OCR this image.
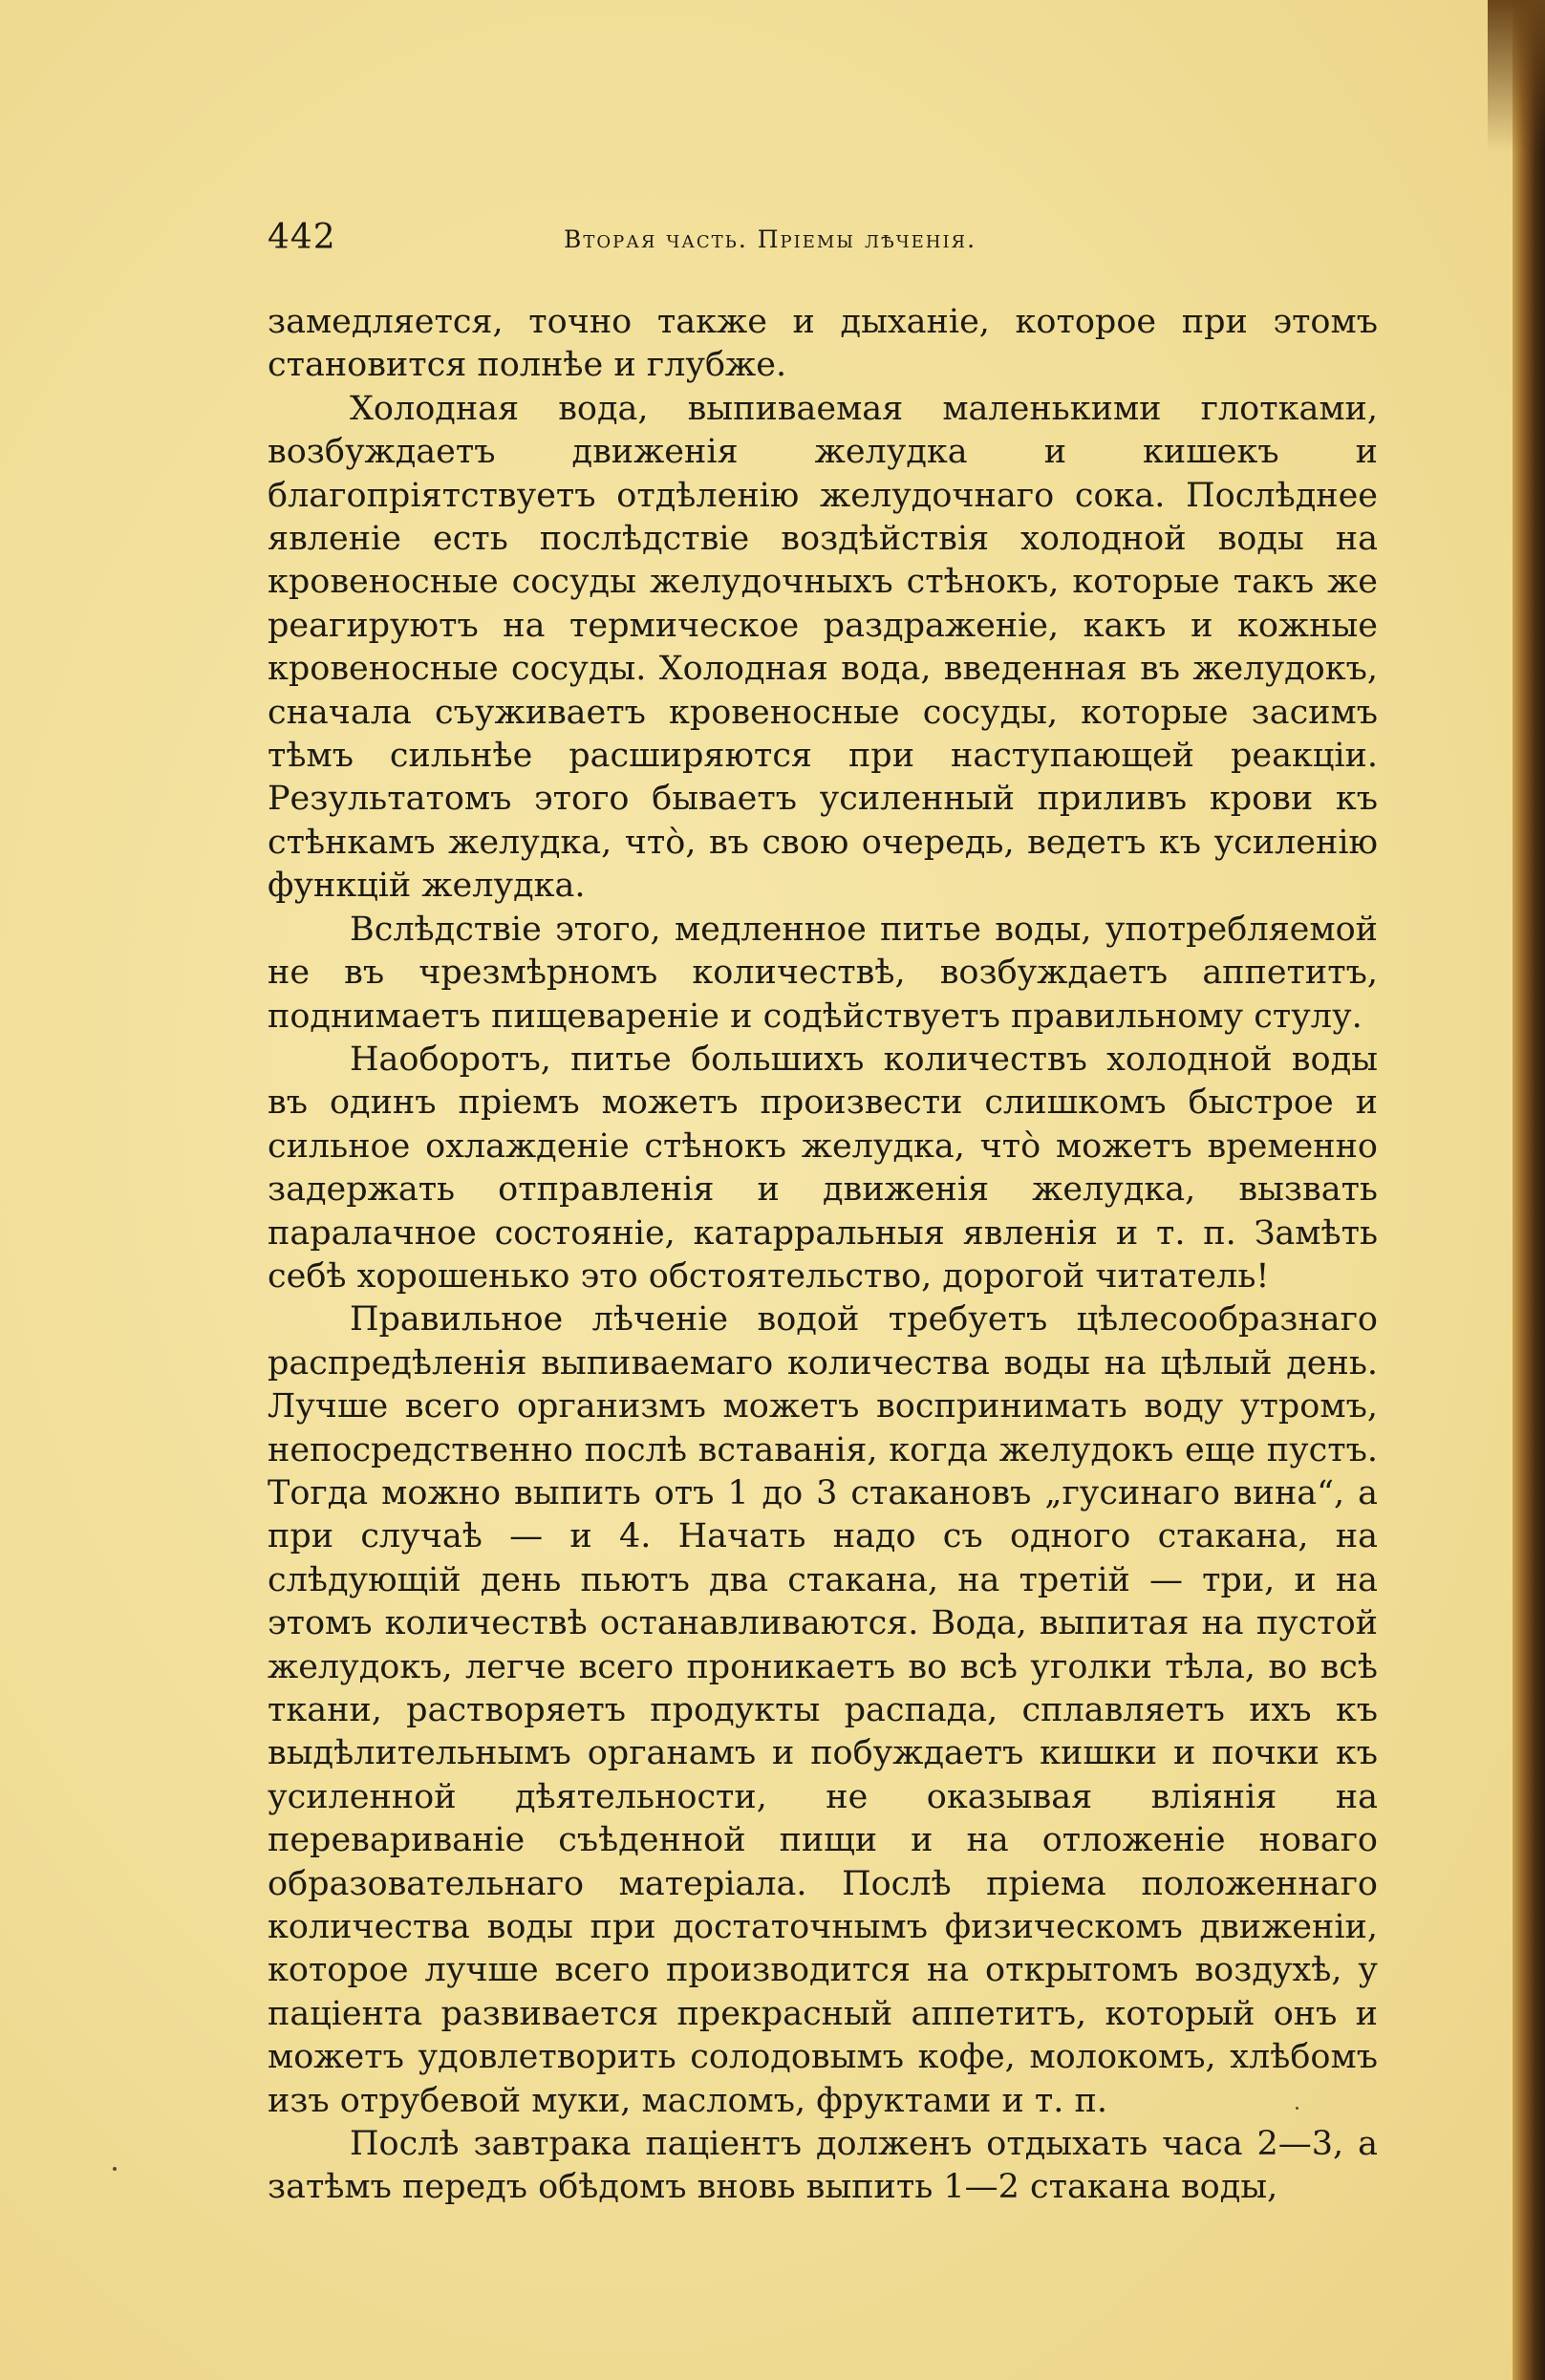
442	Вторая часть. Пріемы лѣченія.

замедляется, точно также и дыханіе, которое при этомъ становится полнѣе и глубже.

Холодная вода, выпиваемая маленькими глотками, возбуждаетъ движенія желудка и кишекъ и благопріятствуетъ отдѣленію желудочнаго сока. Послѣднее явленіе есть послѣдствіе воздѣйствія холодной воды на кровеносные сосуды желудочныхъ стѣнокъ, которые такъ же реагируютъ на термическое раздраженіе, какъ и кожные кровеносные сосуды. Холодная вода, введенная въ желудокъ, сначала съуживаетъ кровеносные сосуды, которые засимъ тѣмъ сильнѣе расширяются при наступающей реакціи. Результатомъ этого бываетъ усиленный приливъ крови къ стѣнкамъ желудка, что̀, въ свою очередь, ведетъ къ усиленію функцій желудка.

Вслѣдствіе этого, медленное питье воды, употребляемой не въ чрезмѣрномъ количествѣ, возбуждаетъ аппетитъ, поднимаетъ пищевареніе и содѣйствуетъ правильному стулу.

Наоборотъ, питье большихъ количествъ холодной воды въ одинъ пріемъ можетъ произвести слишкомъ быстрое и сильное охлажденіе стѣнокъ желудка, что̀ можетъ временно задержать отправленія и движенія желудка, вызвать паралачное состояніе, катарральныя явленія и т. п. Замѣть себѣ хорошенько это обстоятельство, дорогой читатель!

Правильное лѣченіе водой требуетъ цѣлесообразнаго распредѣленія выпиваемаго количества воды на цѣлый день. Лучше всего организмъ можетъ воспринимать воду утромъ, непосредственно послѣ вставанія, когда желудокъ еще пустъ. Тогда можно выпить отъ 1 до 3 стакановъ „гусинаго вина“, а при случаѣ — и 4. Начать надо съ одного стакана, на слѣдующій день пьютъ два стакана, на третій — три, и на этомъ количествѣ останавливаются. Вода, выпитая на пустой желудокъ, легче всего проникаетъ во всѣ уголки тѣла, во всѣ ткани, растворяетъ продукты распада, сплавляетъ ихъ къ выдѣлительнымъ органамъ и побуждаетъ кишки и почки къ усиленной дѣятельности, не оказывая вліянія на перевариваніе съѣденной пищи и на отложеніе новаго образовательнаго матеріала. Послѣ пріема положеннаго количества воды при достаточнымъ физическомъ движеніи, которое лучше всего производится на открытомъ воздухѣ, у паціента развивается прекрасный аппетитъ, который онъ и можетъ удовлетворить солодовымъ кофе, молокомъ, хлѣбомъ изъ отрубевой муки, масломъ, фруктами и т. п.

Послѣ завтрака паціентъ долженъ отдыхать часа 2—3, а затѣмъ передъ обѣдомъ вновь выпить 1—2 стакана воды,
